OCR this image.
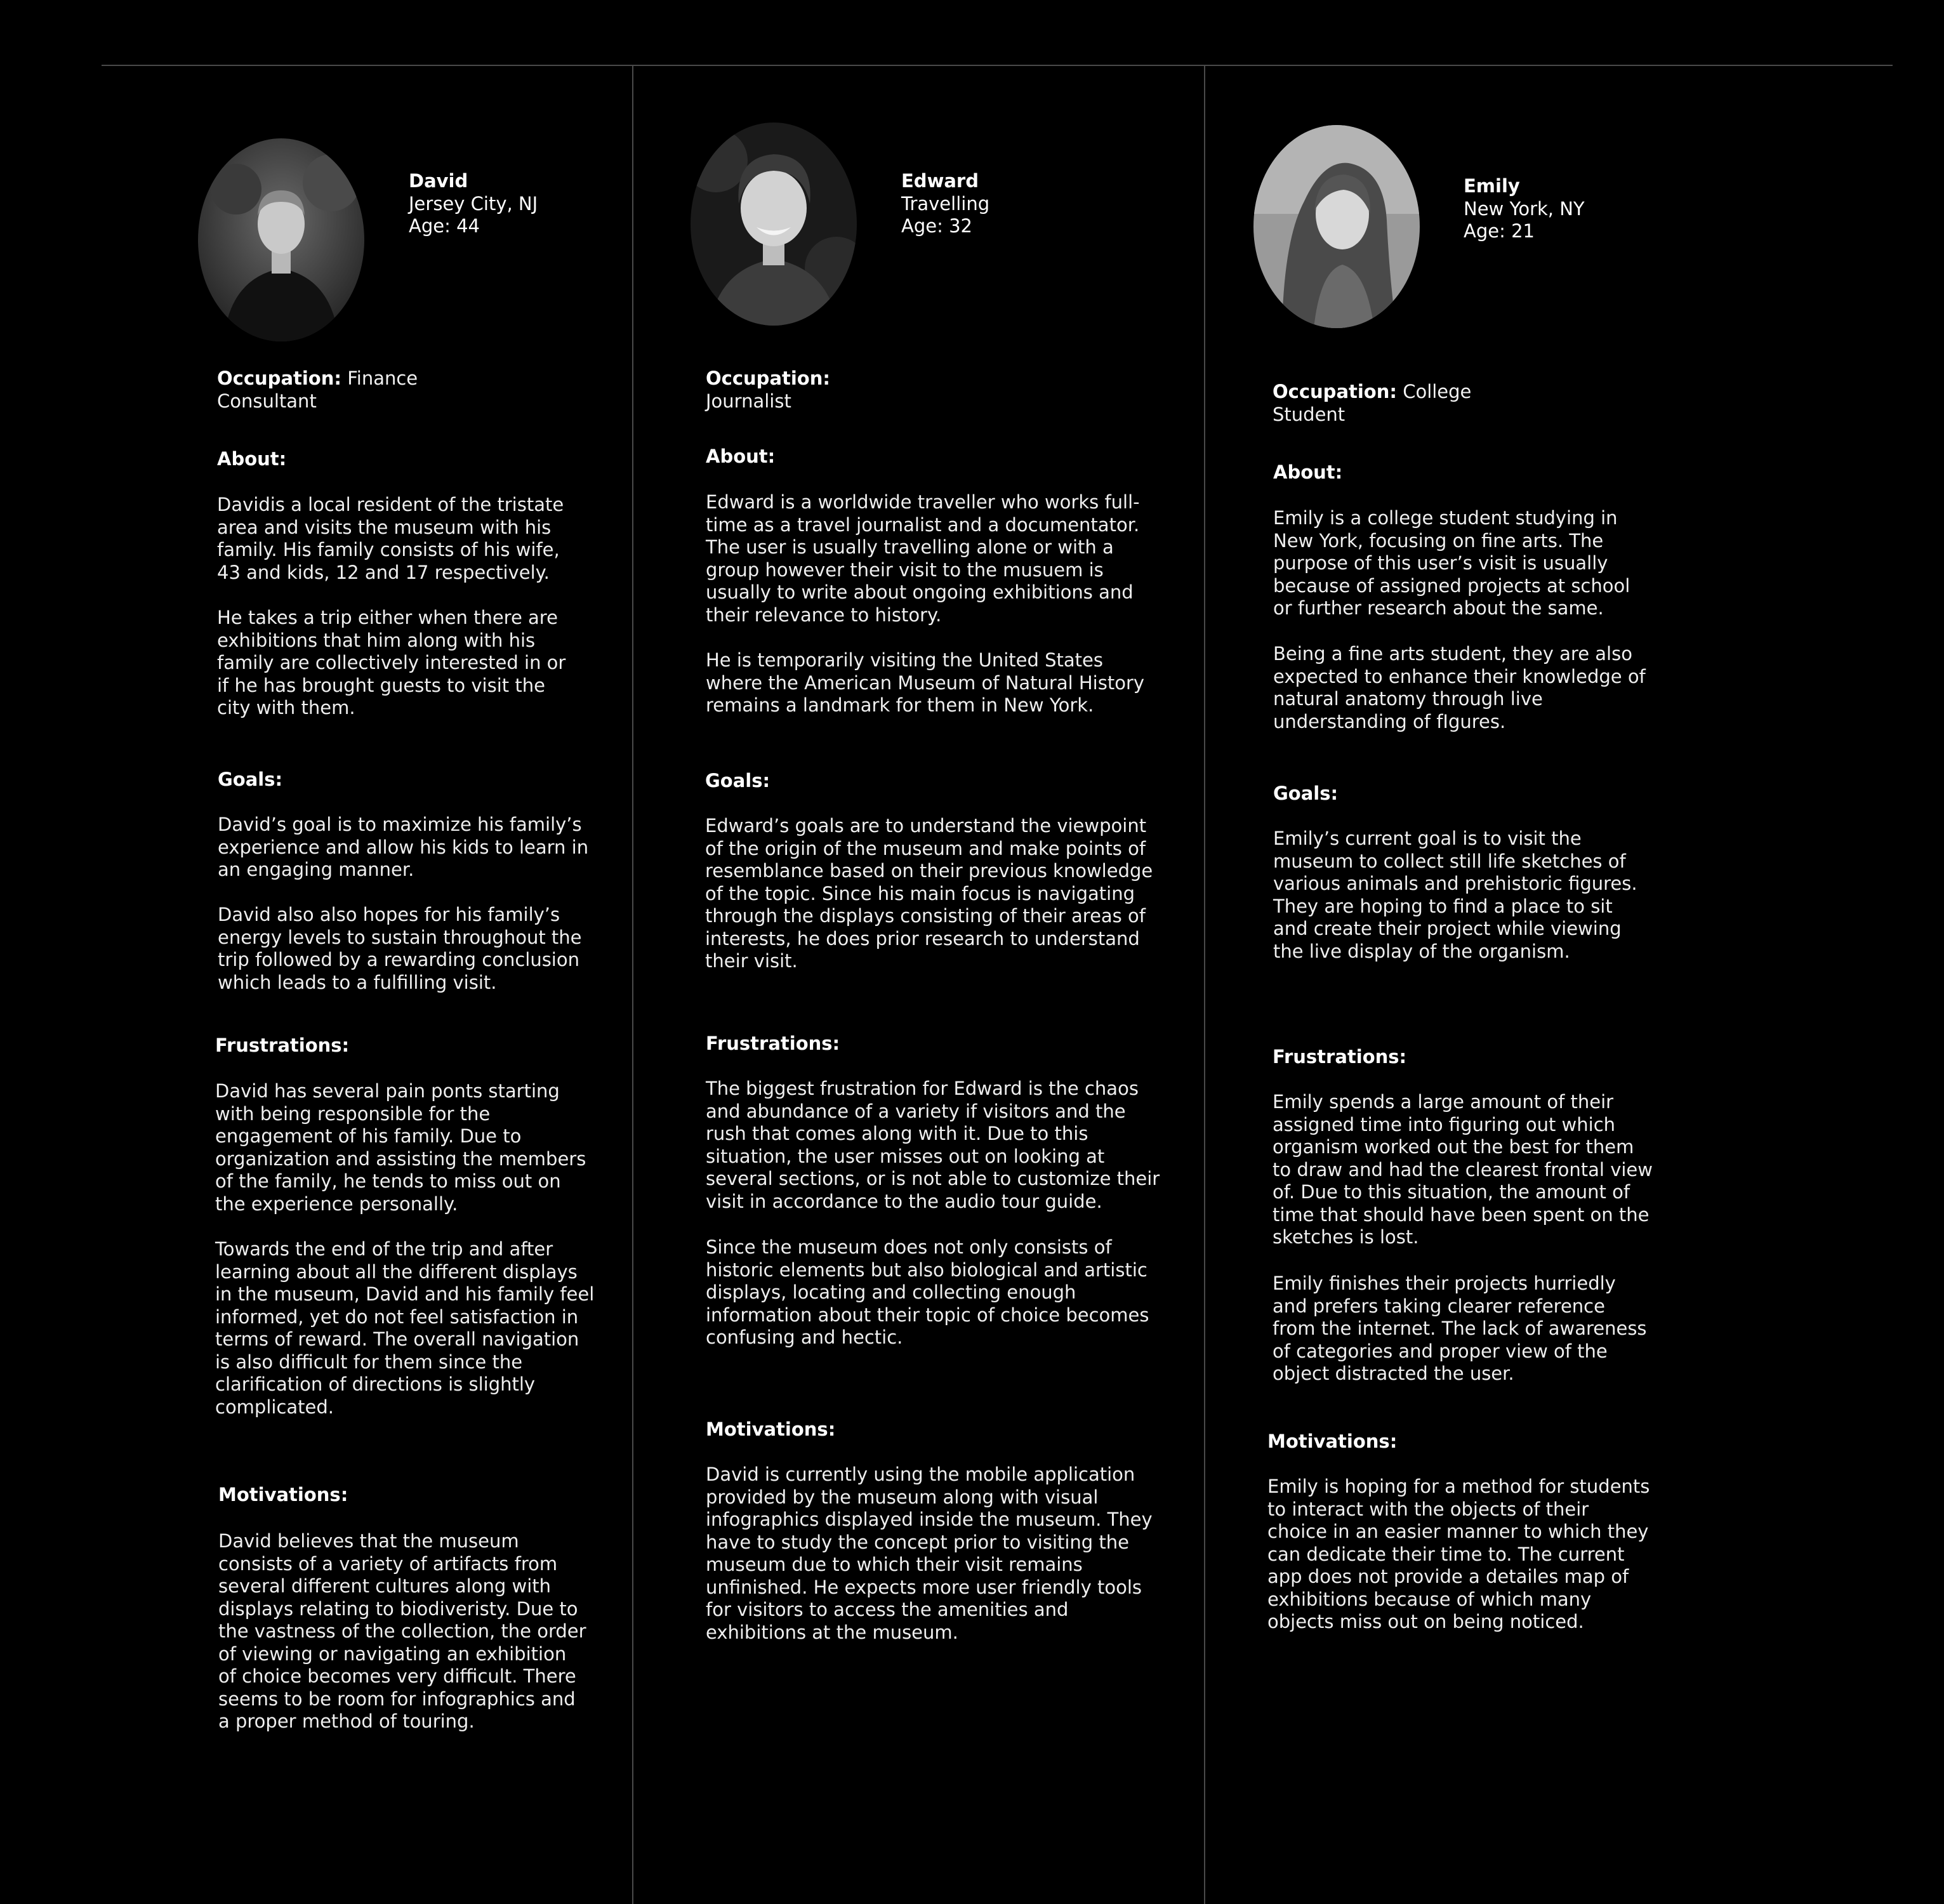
David
Jersey City, NJ
Age: 44
Occupation: Finance Consultant
About:

Davidis a local resident of the tristate area and visits the museum with his family. His family consists of his wife, 43 and kids, 12 and 17 respectively.

He takes a trip either when there are exhibitions that him along with his family are collectively interested in or if he has brought guests to visit the city with them.

Goals:

David’s goal is to maximize his family’s experience and allow his kids to learn in an engaging manner.

David also also hopes for his family’s energy levels to sustain throughout the trip followed by a rewarding conclusion which leads to a fulfilling visit.

Frustrations:

David has several pain ponts starting with being responsible for the engagement of his family. Due to organization and assisting the members of the family, he tends to miss out on the experience personally.

Towards the end of the trip and after learning about all the different displays in the museum, David and his family feel informed, yet do not feel satisfaction in terms of reward. The overall navigation is also difficult for them since the clarification of directions is slightly complicated.

Motivations:

David believes that the museum consists of a variety of artifacts from several different cultures along with displays relating to biodiveristy. Due to the vastness of the collection, the order of viewing or navigating an exhibition of choice becomes very difficult. There seems to be room for infographics and a proper method of touring.

Edward
Travelling
Age: 32
Occupation:
Journalist
About:

Edward is a worldwide traveller who works full-time as a travel journalist and a documentator. The user is usually travelling alone or with a group however their visit to the musuem is usually to write about ongoing exhibitions and their relevance to history.

He is temporarily visiting the United States where the American Museum of Natural History remains a landmark for them in New York.

Goals:

Edward’s goals are to understand the viewpoint of the origin of the museum and make points of resemblance based on their previous knowledge of the topic. Since his main focus is navigating through the displays consisting of their areas of interests, he does prior research to understand their visit.

Frustrations:

The biggest frustration for Edward is the chaos and abundance of a variety if visitors and the rush that comes along with it. Due to this situation, the user misses out on looking at several sections, or is not able to customize their visit in accordance to the audio tour guide.

Since the museum does not only consists of historic elements but also biological and artistic displays, locating and collecting enough information about their topic of choice becomes confusing and hectic.

Motivations:

David is currently using the mobile application provided by the museum along with visual infographics displayed inside the museum. They have to study the concept prior to visiting the museum due to which their visit remains unfinished. He expects more user friendly tools for visitors to access the amenities and exhibitions at the museum.

Emily
New York, NY
Age: 21
Occupation: College Student
About:

Emily is a college student studying in New York, focusing on fine arts. The purpose of this user’s visit is usually because of assigned projects at school or further research about the same.

Being a fine arts student, they are also expected to enhance their knowledge of natural anatomy through live understanding of fIgures.

Goals:

Emily’s current goal is to visit the museum to collect still life sketches of various animals and prehistoric figures. They are hoping to find a place to sit and create their project while viewing the live display of the organism.

Frustrations:

Emily spends a large amount of their assigned time into figuring out which organism worked out the best for them to draw and had the clearest frontal view of. Due to this situation, the amount of time that should have been spent on the sketches is lost.

Emily finishes their projects hurriedly and prefers taking clearer reference from the internet. The lack of awareness of categories and proper view of the object distracted the user.

Motivations:

Emily is hoping for a method for students to interact with the objects of their choice in an easier manner to which they can dedicate their time to. The current app does not provide a detailes map of exhibitions because of which many objects miss out on being noticed.
